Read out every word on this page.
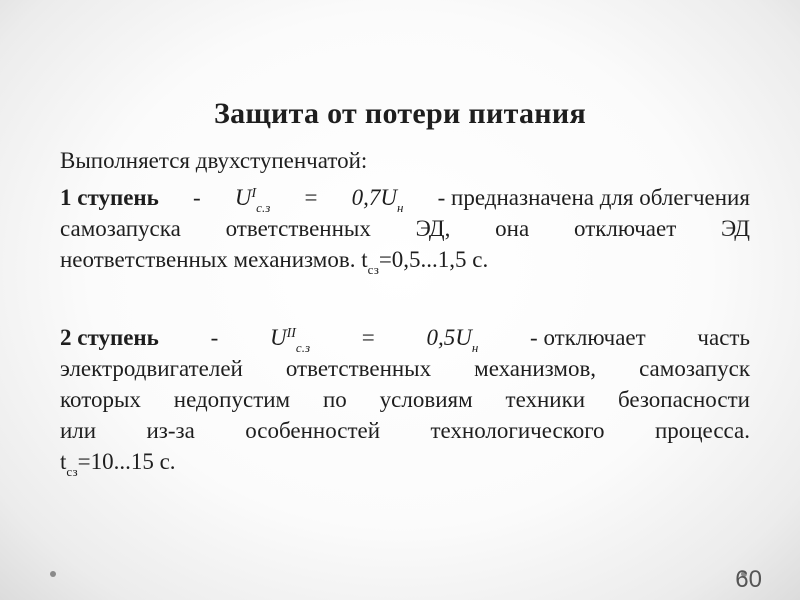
Защита от потери питания
Выполняется двухступенчатой:
1 ступень - $U^I_{с.з} = 0,7U_н$ - предназначена для облегчения
самозапуска ответственных ЭД, она отключает ЭД
неответственных механизмов. $t_{сз}=0,5...1,5$ с.
2 ступень - $U^{II}_{с.з} = 0,5U_н$ - отключает часть
электродвигателей ответственных механизмов, самозапуск
которых недопустим по условиям техники безопасности
или из-за особенностей технологического процесса.
$t_{сз}=10...15$ с.
60
